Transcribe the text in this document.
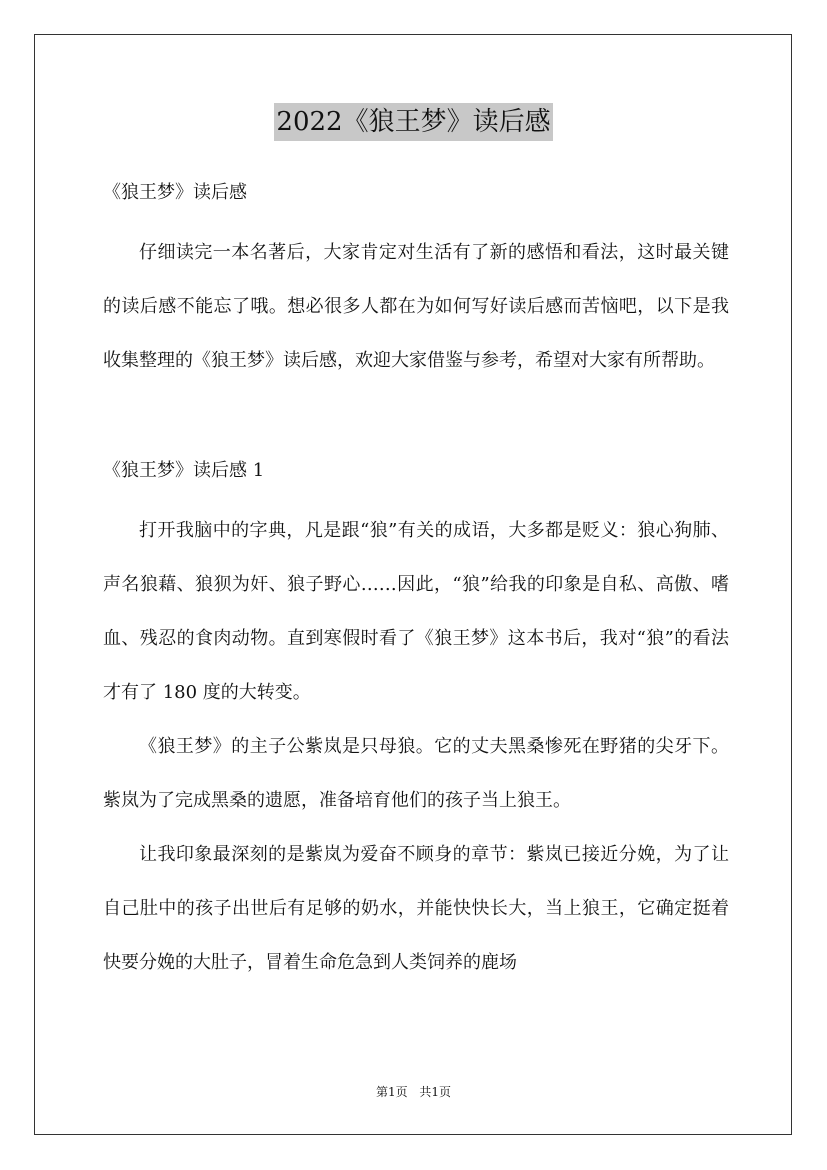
2022《狼王梦》读后感

《狼王梦》读后感

仔细读完一本名著后，大家肯定对生活有了新的感悟和看法，这时最关键的读后感不能忘了哦。想必很多人都在为如何写好读后感而苦恼吧，以下是我收集整理的《狼王梦》读后感，欢迎大家借鉴与参考，希望对大家有所帮助。

《狼王梦》读后感 1

打开我脑中的字典，凡是跟“狼”有关的成语，大多都是贬义：狼心狗肺、声名狼藉、狼狈为奸、狼子野心……因此，“狼”给我的印象是自私、高傲、嗜血、残忍的食肉动物。直到寒假时看了《狼王梦》这本书后，我对“狼”的看法才有了 180 度的大转变。

《狼王梦》的主子公紫岚是只母狼。它的丈夫黑桑惨死在野猪的尖牙下。紫岚为了完成黑桑的遗愿，准备培育他们的孩子当上狼王。

让我印象最深刻的是紫岚为爱奋不顾身的章节：紫岚已接近分娩，为了让自己肚中的孩子出世后有足够的奶水，并能快快长大，当上狼王，它确定挺着快要分娩的大肚子，冒着生命危急到人类饲养的鹿场

第1页 共1页
